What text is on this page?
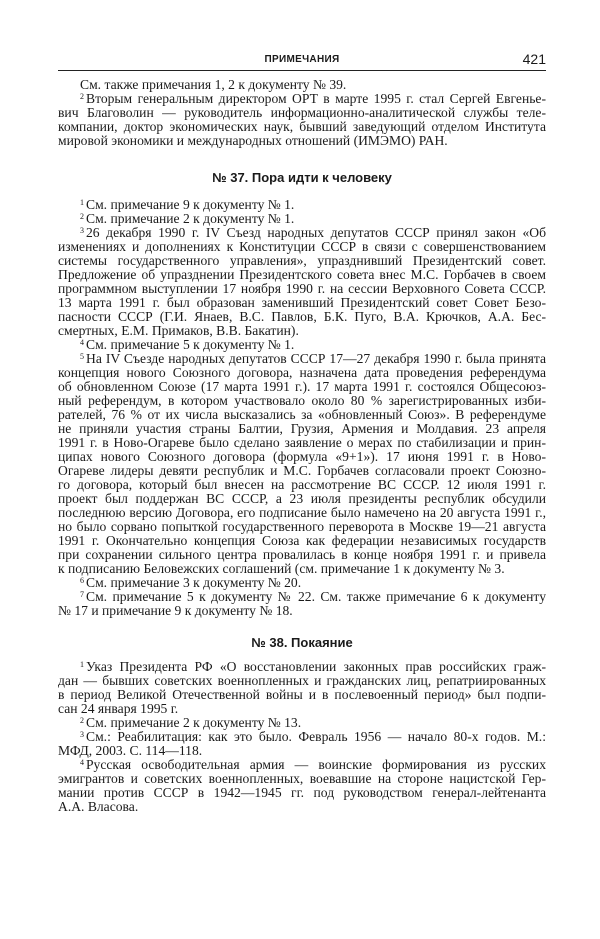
ПРИМЕЧАНИЯ	421
См. также примечания 1, 2 к документу № 39.
$^2$ Вторым генеральным директором ОРТ в марте 1995 г. стал Сергей Евгенье-
вич Благоволин — руководитель информационно-аналитической службы теле-
компании, доктор экономических наук, бывший заведующий отделом Института
мировой экономики и международных отношений (ИМЭМО) РАН.
№ 37. Пора идти к человеку
$^1$ См. примечание 9 к документу № 1.
$^2$ См. примечание 2 к документу № 1.
$^3$ 26 декабря 1990 г. IV Съезд народных депутатов СССР принял закон «Об
изменениях и дополнениях к Конституции СССР в связи с совершенствованием
системы государственного управления», упразднивший Президентский совет.
Предложение об упразднении Президентского совета внес М.С. Горбачев в своем
программном выступлении 17 ноября 1990 г. на сессии Верховного Совета СССР.
13 марта 1991 г. был образован заменивший Президентский совет Совет Безо-
пасности СССР (Г.И. Янаев, В.С. Павлов, Б.К. Пуго, В.А. Крючков, А.А. Бес-
смертных, Е.М. Примаков, В.В. Бакатин).
$^4$ См. примечание 5 к документу № 1.
$^5$ На IV Съезде народных депутатов СССР 17—27 декабря 1990 г. была принята
концепция нового Союзного договора, назначена дата проведения референдума
об обновленном Союзе (17 марта 1991 г.). 17 марта 1991 г. состоялся Общесоюз-
ный референдум, в котором участвовало около 80 % зарегистрированных изби-
рателей, 76 % от их числа высказались за «обновленный Союз». В референдуме
не приняли участия страны Балтии, Грузия, Армения и Молдавия. 23 апреля
1991 г. в Ново-Огареве было сделано заявление о мерах по стабилизации и прин-
ципах нового Союзного договора (формула «9+1»). 17 июня 1991 г. в Ново-
Огареве лидеры девяти республик и М.С. Горбачев согласовали проект Союзно-
го договора, который был внесен на рассмотрение ВС СССР. 12 июля 1991 г.
проект был поддержан ВС СССР, а 23 июля президенты республик обсудили
последнюю версию Договора, его подписание было намечено на 20 августа 1991 г.,
но было сорвано попыткой государственного переворота в Москве 19—21 августа
1991 г. Окончательно концепция Союза как федерации независимых государств
при сохранении сильного центра провалилась в конце ноября 1991 г. и привела
к подписанию Беловежских соглашений (см. примечание 1 к документу № 3.
$^6$ См. примечание 3 к документу № 20.
$^7$ См. примечание 5 к документу № 22. См. также примечание 6 к документу
№ 17 и примечание 9 к документу № 18.
№ 38. Покаяние
$^1$ Указ Президента РФ «О восстановлении законных прав российских граж-
дан — бывших советских военнопленных и гражданских лиц, репатриированных
в период Великой Отечественной войны и в послевоенный период» был подпи-
сан 24 января 1995 г.
$^2$ См. примечание 2 к документу № 13.
$^3$ См.: Реабилитация: как это было. Февраль 1956 — начало 80-х годов. М.:
МФД, 2003. С. 114—118.
$^4$ Русская освободительная армия — воинские формирования из русских
эмигрантов и советских военнопленных, воевавшие на стороне нацистской Гер-
мании против СССР в 1942—1945 гг. под руководством генерал-лейтенанта
А.А. Власова.
